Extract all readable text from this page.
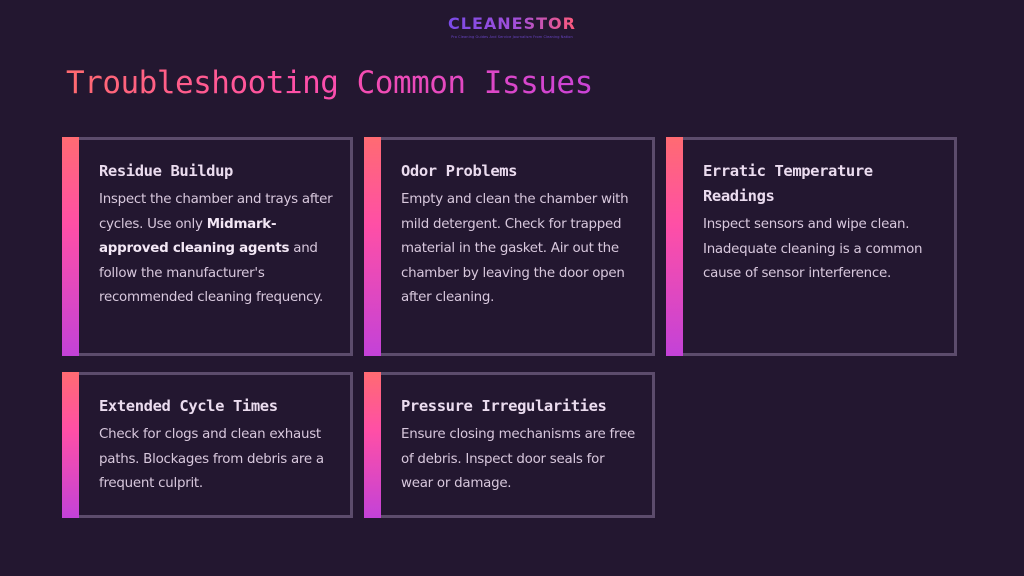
CLEANESTOR
Pro Cleaning Guides And Service Journalism From Cleaning Nation
Troubleshooting Common Issues
Residue Buildup
Inspect the chamber and trays after cycles. Use only Midmark-approved cleaning agents and follow the manufacturer's recommended cleaning frequency.
Odor Problems
Empty and clean the chamber with mild detergent. Check for trapped material in the gasket. Air out the chamber by leaving the door open after cleaning.
Erratic Temperature Readings
Inspect sensors and wipe clean. Inadequate cleaning is a common cause of sensor interference.
Extended Cycle Times
Check for clogs and clean exhaust paths. Blockages from debris are a frequent culprit.
Pressure Irregularities
Ensure closing mechanisms are free of debris. Inspect door seals for wear or damage.
